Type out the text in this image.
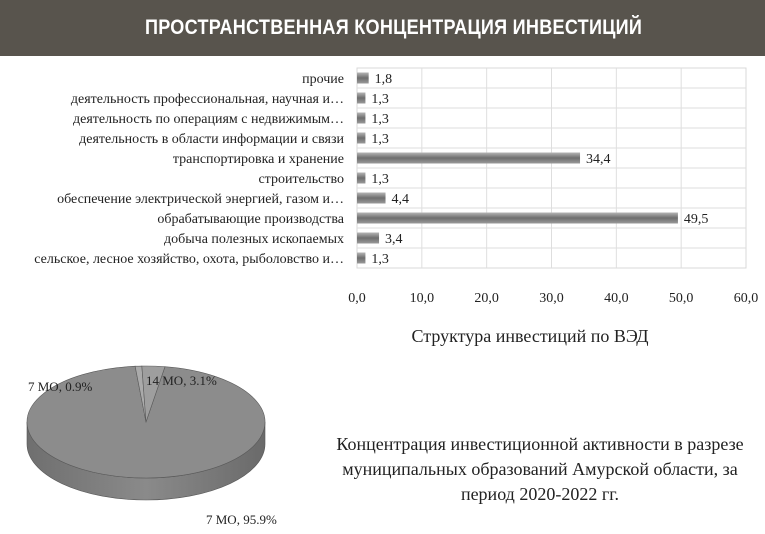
ПРОСТРАНСТВЕННАЯ КОНЦЕНТРАЦИЯ ИНВЕСТИЦИЙ
0,0	10,0	20,0	30,0	40,0	50,0	60,0
прочие 1,8
деятельность профессиональная, научная и… 1,3
деятельность по операциям с недвижимым… 1,3
деятельность в области информации и связи 1,3
транспортировка и хранение	34,4
строительство 1,3
обеспечение электрической энергией, газом и…	4,4
обрабатывающие производства	49,5
добыча полезных ископаемых	3,4
сельское, лесное хозяйство, охота, рыболовство и… 1,3
Структура инвестиций по ВЭД
7 МО, 95.9%
7 МО, 0.9%	14 МО, 3.1%
Концентрация инвестиционной активности в разрезе муниципальных образований Амурской области, за период 2020-2022 гг.
